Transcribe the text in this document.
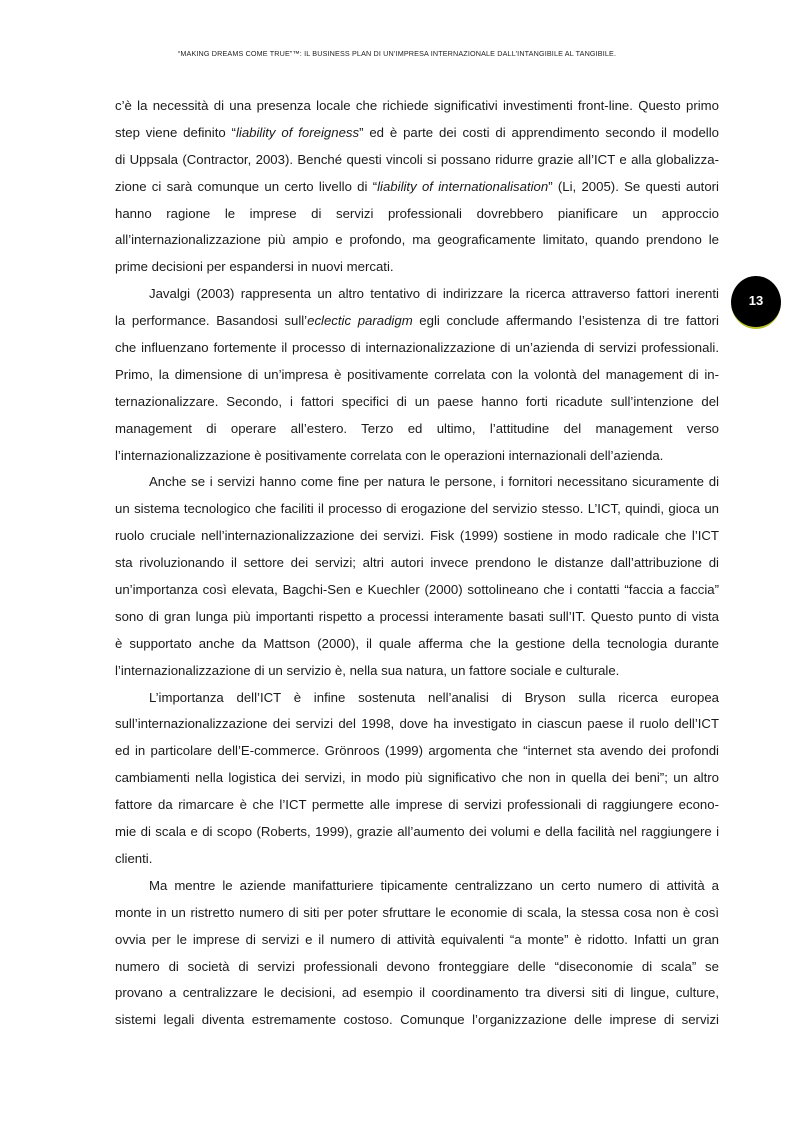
“MAKING DREAMS COME TRUE”™: IL BUSINESS PLAN DI UN’IMPRESA INTERNAZIONALE DALL’INTANGIBILE AL TANGIBILE.
13
c’è la necessità di una presenza locale che richiede significativi investimenti front-line. Questo primo
step viene definito “liability of foreigness” ed è parte dei costi di apprendimento secondo il modello
di Uppsala (Contractor, 2003). Benché questi vincoli si possano ridurre grazie all’ICT e alla globalizza-
zione ci sarà comunque un certo livello di “liability of internationalisation” (Li, 2005). Se questi autori
hanno ragione le imprese di servizi professionali dovrebbero pianificare un approccio
all’internazionalizzazione più ampio e profondo, ma geograficamente limitato, quando prendono le
prime decisioni per espandersi in nuovi mercati.
Javalgi (2003) rappresenta un altro tentativo di indirizzare la ricerca attraverso fattori inerenti
la performance. Basandosi sull’eclectic paradigm egli conclude affermando l’esistenza di tre fattori
che influenzano fortemente il processo di internazionalizzazione di un’azienda di servizi professionali.
Primo, la dimensione di un’impresa è positivamente correlata con la volontà del management di in-
ternazionalizzare. Secondo, i fattori specifici di un paese hanno forti ricadute sull’intenzione del
management di operare all’estero. Terzo ed ultimo, l’attitudine del management verso
l’internazionalizzazione è positivamente correlata con le operazioni internazionali dell’azienda.
Anche se i servizi hanno come fine per natura le persone, i fornitori necessitano sicuramente di
un sistema tecnologico che faciliti il processo di erogazione del servizio stesso. L’ICT, quindi, gioca un
ruolo cruciale nell’internazionalizzazione dei servizi. Fisk (1999) sostiene in modo radicale che l’ICT
sta rivoluzionando il settore dei servizi; altri autori invece prendono le distanze dall’attribuzione di
un’importanza così elevata, Bagchi-Sen e Kuechler (2000) sottolineano che i contatti “faccia a faccia”
sono di gran lunga più importanti rispetto a processi interamente basati sull’IT. Questo punto di vista
è supportato anche da Mattson (2000), il quale afferma che la gestione della tecnologia durante
l’internazionalizzazione di un servizio è, nella sua natura, un fattore sociale e culturale.
L’importanza dell’ICT è infine sostenuta nell’analisi di Bryson sulla ricerca europea
sull’internazionalizzazione dei servizi del 1998, dove ha investigato in ciascun paese il ruolo dell’ICT
ed in particolare dell’E-commerce. Grönroos (1999) argomenta che “internet sta avendo dei profondi
cambiamenti nella logistica dei servizi, in modo più significativo che non in quella dei beni”; un altro
fattore da rimarcare è che l’ICT permette alle imprese di servizi professionali di raggiungere econo-
mie di scala e di scopo (Roberts, 1999), grazie all’aumento dei volumi e della facilità nel raggiungere i
clienti.
Ma mentre le aziende manifatturiere tipicamente centralizzano un certo numero di attività a
monte in un ristretto numero di siti per poter sfruttare le economie di scala, la stessa cosa non è così
ovvia per le imprese di servizi e il numero di attività equivalenti “a monte” è ridotto. Infatti un gran
numero di società di servizi professionali devono fronteggiare delle “diseconomie di scala” se
provano a centralizzare le decisioni, ad esempio il coordinamento tra diversi siti di lingue, culture,
sistemi legali diventa estremamente costoso. Comunque l’organizzazione delle imprese di servizi
